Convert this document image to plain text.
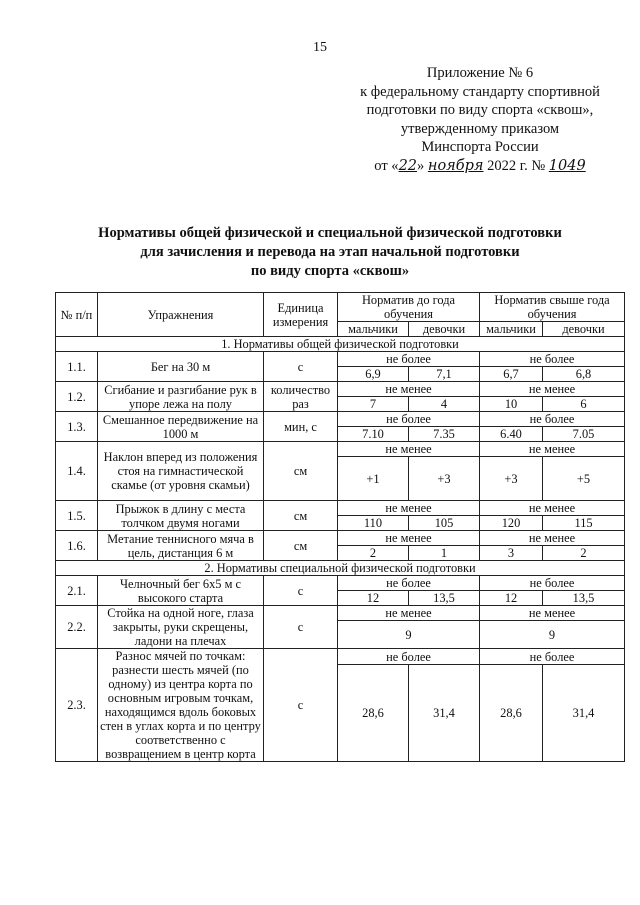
15
Приложение № 6
к федеральному стандарту спортивной
подготовки по виду спорта «сквош»,
утвержденному приказом
Минспорта России
от «22» ноября 2022 г. № 1049
Нормативы общей физической и специальной физической подготовки
для зачисления и перевода на этап начальной подготовки
по виду спорта «сквош»
№ п/п	Упражнения	Единица измерения	Норматив до года обучения		Норматив свыше года обучения	
			мальчики	девочки	мальчики	девочки
1. Нормативы общей физической подготовки						
1.1.	Бег на 30 м	с	не более		не более	
			6,9	7,1	6,7	6,8
1.2.	Сгибание и разгибание рук в упоре лежа на полу	количество раз	не менее		не менее	
			7	4	10	6
1.3.	Смешанное передвижение на 1000 м	мин, с	не более		не более	
			7.10	7.35	6.40	7.05
1.4.	Наклон вперед из положения стоя на гимнастической скамье (от уровня скамьи)	см	не менее		не менее	
			+1	+3	+3	+5
1.5.	Прыжок в длину с места толчком двумя ногами	см	не менее		не менее	
			110	105	120	115
1.6.	Метание теннисного мяча в цель, дистанция 6 м	см	не менее		не менее	
			2	1	3	2
2. Нормативы специальной физической подготовки						
2.1.	Челночный бег 6х5 м с высокого старта	с	не более		не более	
			12	13,5	12	13,5
2.2.	Стойка на одной ноге, глаза закрыты, руки скрещены, ладони на плечах	с	не менее		не менее	
			9		9	
2.3.	Разнос мячей по точкам: разнести шесть мячей (по одному) из центра корта по основным игровым точкам, находящимся вдоль боковых стен в углах корта и по центру соответственно с возвращением в центр корта	с	не более		не более	
			28,6	31,4	28,6	31,4
